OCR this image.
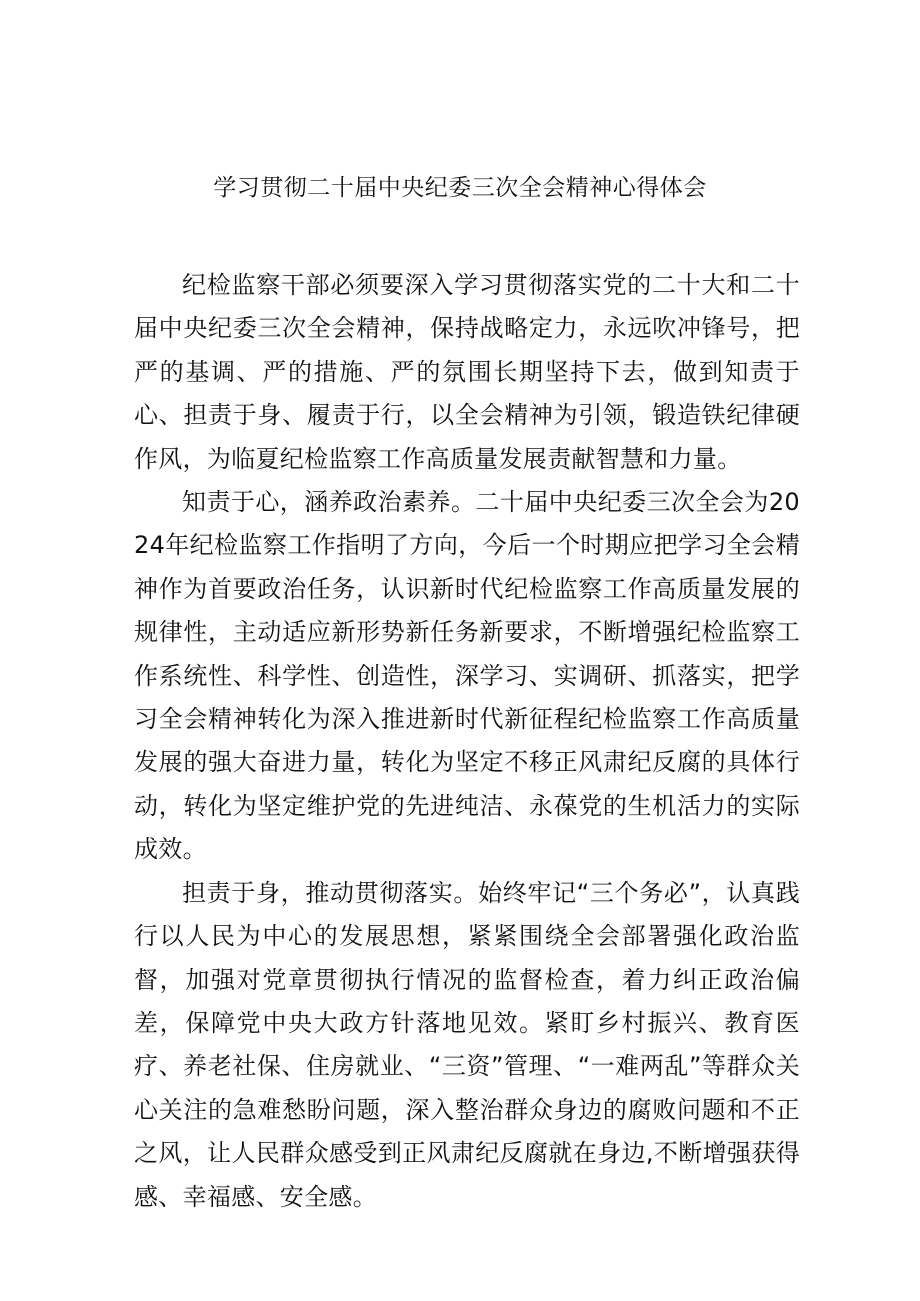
学习贯彻二十届中央纪委三次全会精神心得体会

纪检监察干部必须要深入学习贯彻落实党的二十大和二十届中央纪委三次全会精神，保持战略定力，永远吹冲锋号，把严的基调、严的措施、严的氛围长期坚持下去，做到知责于心、担责于身、履责于行，以全会精神为引领，锻造铁纪律硬作风，为临夏纪检监察工作高质量发展责献智慧和力量。

知责于心，涵养政治素养。二十届中央纪委三次全会为2024年纪检监察工作指明了方向，今后一个时期应把学习全会精神作为首要政治任务，认识新时代纪检监察工作高质量发展的规律性，主动适应新形势新任务新要求，不断增强纪检监察工作系统性、科学性、创造性，深学习、实调研、抓落实，把学习全会精神转化为深入推进新时代新征程纪检监察工作高质量发展的强大奋进力量，转化为坚定不移正风肃纪反腐的具体行动，转化为坚定维护党的先进纯洁、永葆党的生机活力的实际成效。

担责于身，推动贯彻落实。始终牢记“三个务必”，认真践行以人民为中心的发展思想，紧紧围绕全会部署强化政治监督，加强对党章贯彻执行情况的监督检查，着力纠正政治偏差，保障党中央大政方针落地见效。紧盯乡村振兴、教育医疗、养老社保、住房就业、“三资”管理、“一难两乱”等群众关心关注的急难愁盼问题，深入整治群众身边的腐败问题和不正之风，让人民群众感受到正风肃纪反腐就在身边,不断增强获得感、幸福感、安全感。
